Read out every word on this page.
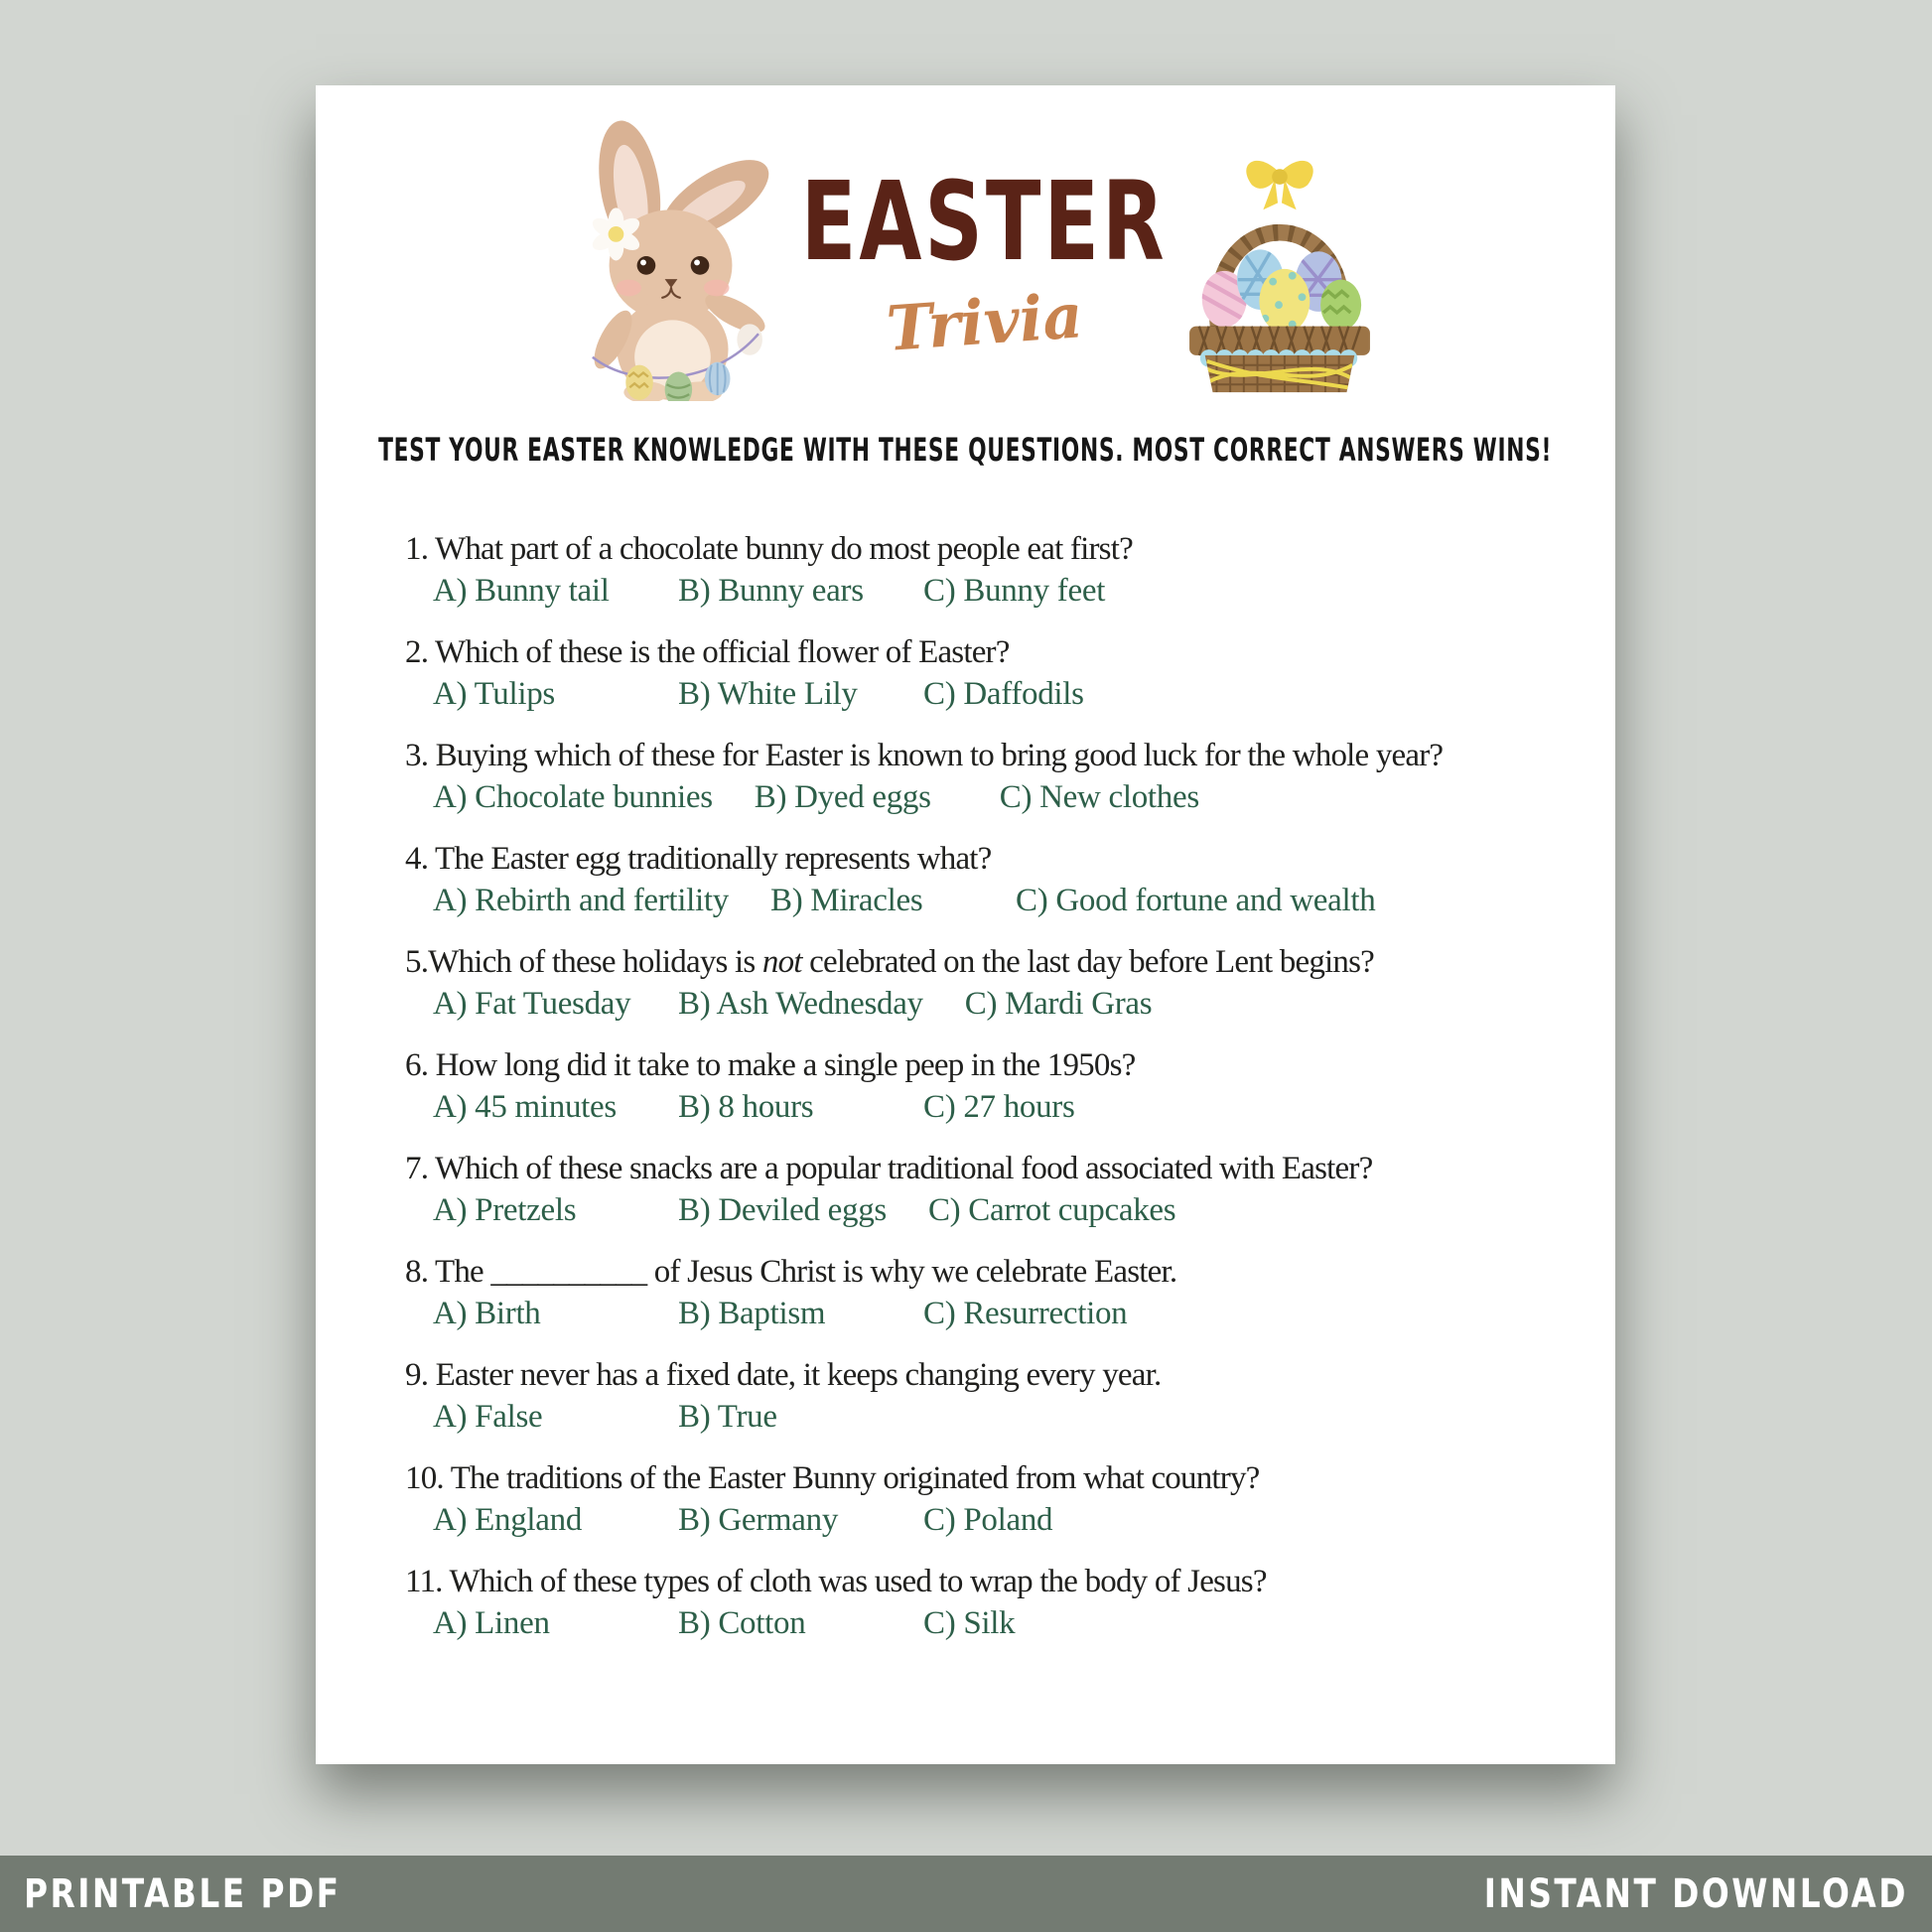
EASTER
Trivia
TEST YOUR EASTER KNOWLEDGE WITH THESE QUESTIONS. MOST CORRECT ANSWERS WINS!
1. What part of a chocolate bunny do most people eat first?
A) Bunny tail B) Bunny ears C) Bunny feet
2. Which of these is the official flower of Easter?
A) Tulips	B) White Lily C) Daffodils
3. Buying which of these for Easter is known to bring good luck for the whole year?
A) Chocolate bunnies B) Dyed eggs C) New clothes
4. The Easter egg traditionally represents what?
A) Rebirth and fertility B) Miracles	C) Good fortune and wealth
5.Which of these holidays is not celebrated on the last day before Lent begins?
A) Fat Tuesday B) Ash Wednesday C) Mardi Gras
6. How long did it take to make a single peep in the 1950s?
A) 45 minutes B) 8 hours	C) 27 hours
7. Which of these snacks are a popular traditional food associated with Easter?
A) Pretzels	B) Deviled eggs C) Carrot cupcakes
8. The __________ of Jesus Christ is why we celebrate Easter.
A) Birth	B) Baptism	C) Resurrection
9. Easter never has a fixed date, it keeps changing every year.
A) False	B) True
10. The traditions of the Easter Bunny originated from what country?
A) England	B) Germany	C) Poland
11. Which of these types of cloth was used to wrap the body of Jesus?
A) Linen	B) Cotton	C) Silk
PRINTABLE PDF	INSTANT DOWNLOAD
